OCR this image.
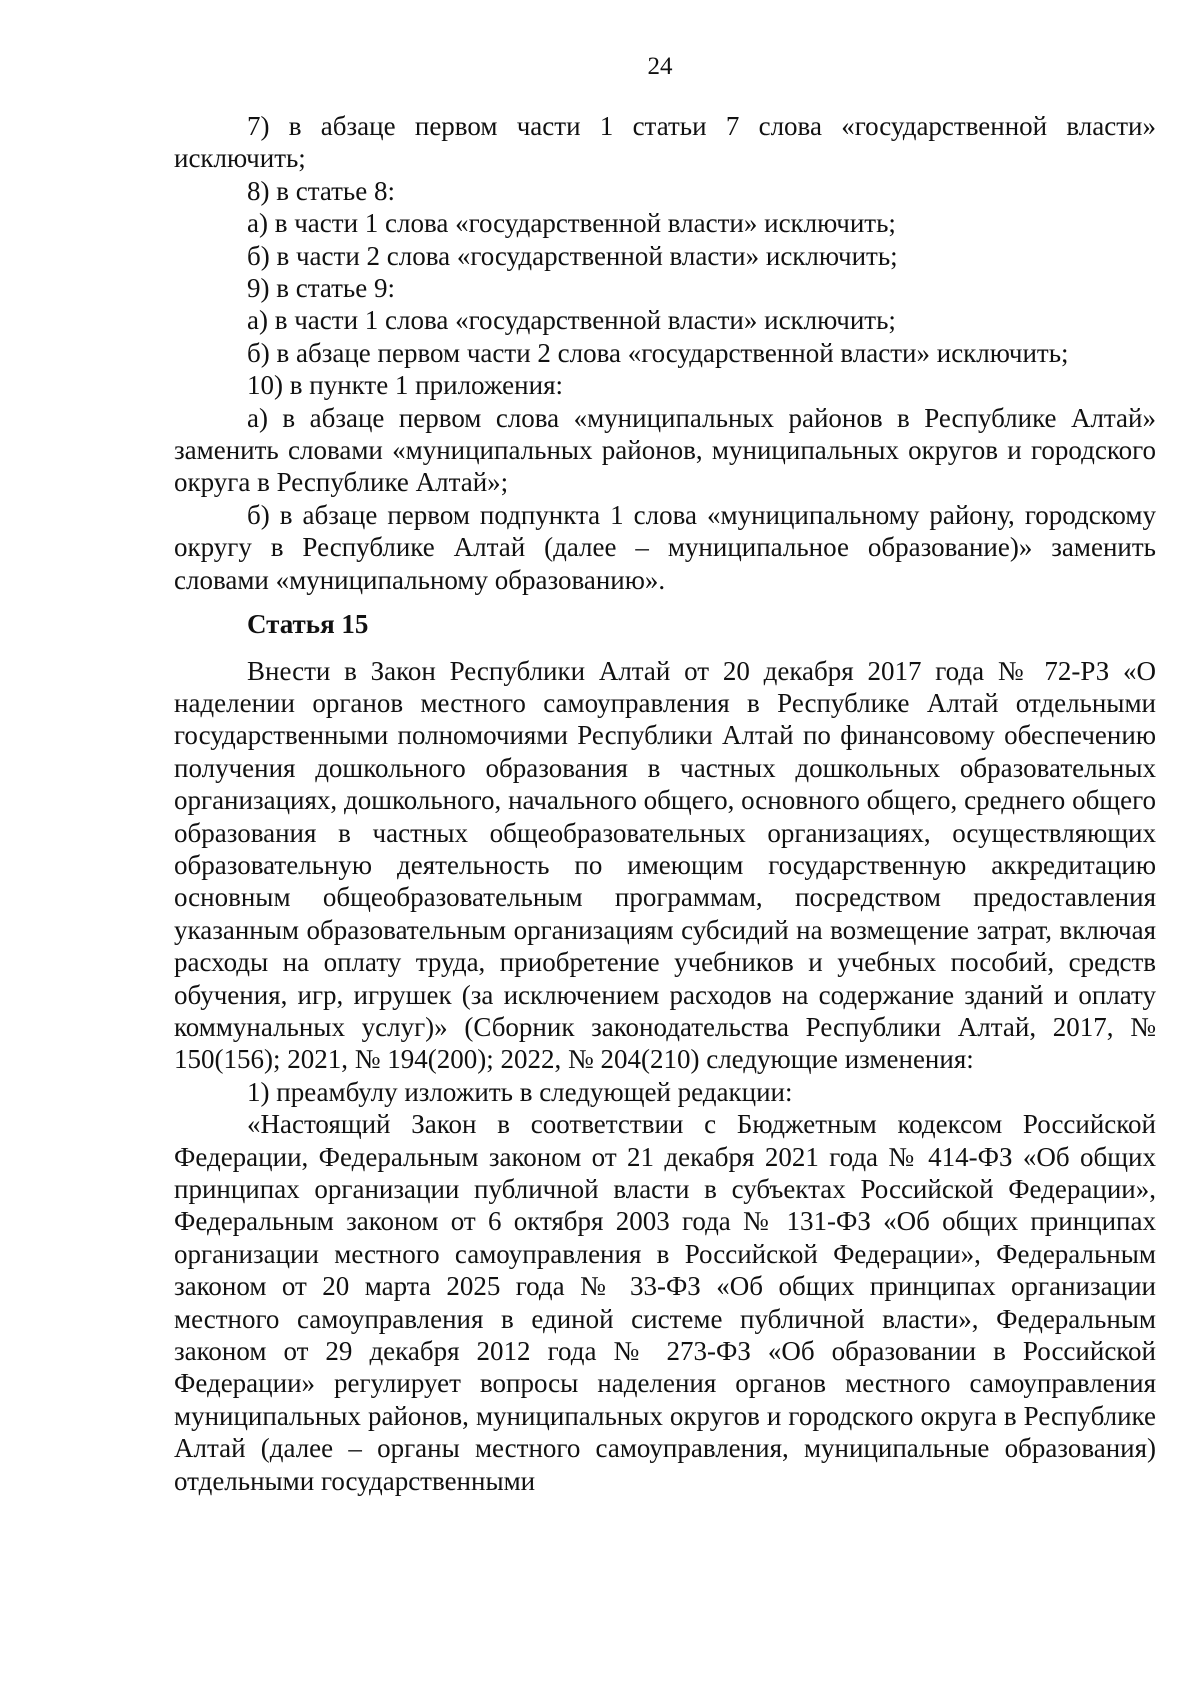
24

7) в абзаце первом части 1 статьи 7 слова «государственной власти» исключить;

8) в статье 8:

а) в части 1 слова «государственной власти» исключить;

б) в части 2 слова «государственной власти» исключить;

9) в статье 9:

а) в части 1 слова «государственной власти» исключить;

б) в абзаце первом части 2 слова «государственной власти» исключить;

10) в пункте 1 приложения:

а) в абзаце первом слова «муниципальных районов в Республике Алтай» заменить словами «муниципальных районов, муниципальных округов и городского округа в Республике Алтай»;

б) в абзаце первом подпункта 1 слова «муниципальному району, городскому округу в Республике Алтай (далее – муниципальное образование)» заменить словами «муниципальному образованию».

Статья 15

Внести в Закон Республики Алтай от 20 декабря 2017 года № 72-РЗ «О наделении органов местного самоуправления в Республике Алтай отдельными государственными полномочиями Республики Алтай по финансовому обеспечению получения дошкольного образования в частных дошкольных образовательных организациях, дошкольного, начального общего, основного общего, среднего общего образования в частных общеобразовательных организациях, осуществляющих образовательную деятельность по имеющим государственную аккредитацию основным общеобразовательным программам, посредством предоставления указанным образовательным организациям субсидий на возмещение затрат, включая расходы на оплату труда, приобретение учебников и учебных пособий, средств обучения, игр, игрушек (за исключением расходов на содержание зданий и оплату коммунальных услуг)» (Сборник законодательства Республики Алтай, 2017, № 150(156); 2021, № 194(200); 2022, № 204(210) следующие изменения:

1) преамбулу изложить в следующей редакции:

«Настоящий Закон в соответствии с Бюджетным кодексом Российской Федерации, Федеральным законом от 21 декабря 2021 года № 414-ФЗ «Об общих принципах организации публичной власти в субъектах Российской Федерации», Федеральным законом от 6 октября 2003 года № 131-ФЗ «Об общих принципах организации местного самоуправления в Российской Федерации», Федеральным законом от 20 марта 2025 года № 33-ФЗ «Об общих принципах организации местного самоуправления в единой системе публичной власти», Федеральным законом от 29 декабря 2012 года № 273-ФЗ «Об образовании в Российской Федерации» регулирует вопросы наделения органов местного самоуправления муниципальных районов, муниципальных округов и городского округа в Республике Алтай (далее – органы местного самоуправления, муниципальные образования) отдельными государственными
